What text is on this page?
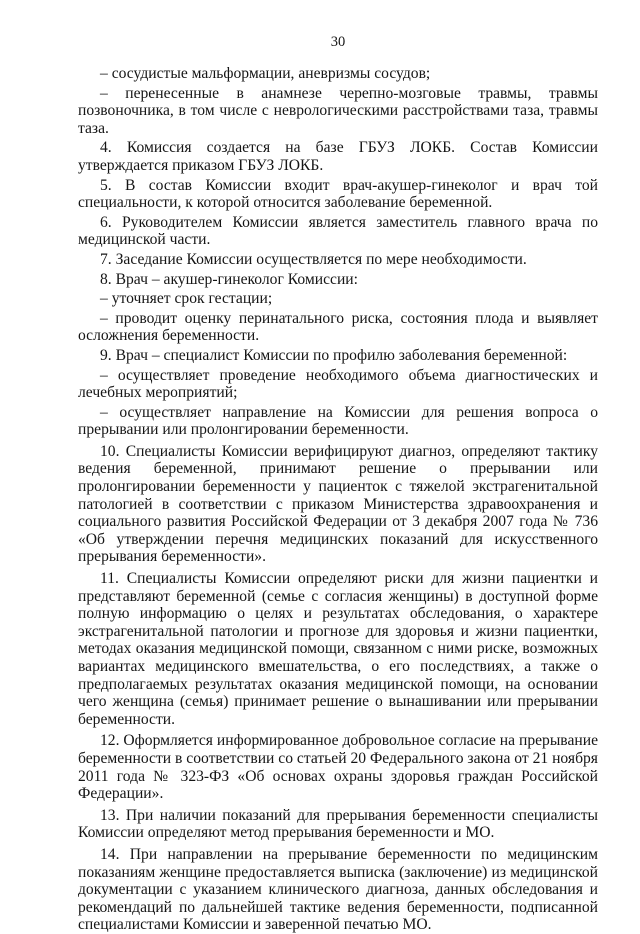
30

– сосудистые мальформации, аневризмы сосудов;

– перенесенные в анамнезе черепно-мозговые травмы, травмы позвоночника, в том числе с неврологическими расстройствами таза, травмы таза.

4. Комиссия создается на базе ГБУЗ ЛОКБ. Состав Комиссии утверждается приказом ГБУЗ ЛОКБ.

5. В состав Комиссии входит врач-акушер-гинеколог и врач той специальности, к которой относится заболевание беременной.

6. Руководителем Комиссии является заместитель главного врача по медицинской части.

7. Заседание Комиссии осуществляется по мере необходимости.

8. Врач – акушер-гинеколог Комиссии:

– уточняет срок гестации;

– проводит оценку перинатального риска, состояния плода и выявляет осложнения беременности.

9. Врач – специалист Комиссии по профилю заболевания беременной:

– осуществляет проведение необходимого объема диагностических и лечебных мероприятий;

– осуществляет направление на Комиссии для решения вопроса о прерывании или пролонгировании беременности.

10. Специалисты Комиссии верифицируют диагноз, определяют тактику ведения беременной, принимают решение о прерывании или пролонгировании беременности у пациенток с тяжелой экстрагенитальной патологией в соответствии с приказом Министерства здравоохранения и социального развития Российской Федерации от 3 декабря 2007 года № 736 «Об утверждении перечня медицинских показаний для искусственного прерывания беременности».

11. Специалисты Комиссии определяют риски для жизни пациентки и представляют беременной (семье с согласия женщины) в доступной форме полную информацию о целях и результатах обследования, о характере экстрагенитальной патологии и прогнозе для здоровья и жизни пациентки, методах оказания медицинской помощи, связанном с ними риске, возможных вариантах медицинского вмешательства, о его последствиях, а также о предполагаемых результатах оказания медицинской помощи, на основании чего женщина (семья) принимает решение о вынашивании или прерывании беременности.

12. Оформляется информированное добровольное согласие на прерывание беременности в соответствии со статьей 20 Федерального закона от 21 ноября 2011 года № 323-ФЗ «Об основах охраны здоровья граждан Российской Федерации».

13. При наличии показаний для прерывания беременности специалисты Комиссии определяют метод прерывания беременности и МО.

14. При направлении на прерывание беременности по медицинским показаниям женщине предоставляется выписка (заключение) из медицинской документации с указанием клинического диагноза, данных обследования и рекомендаций по дальнейшей тактике ведения беременности, подписанной специалистами Комиссии и заверенной печатью МО.
